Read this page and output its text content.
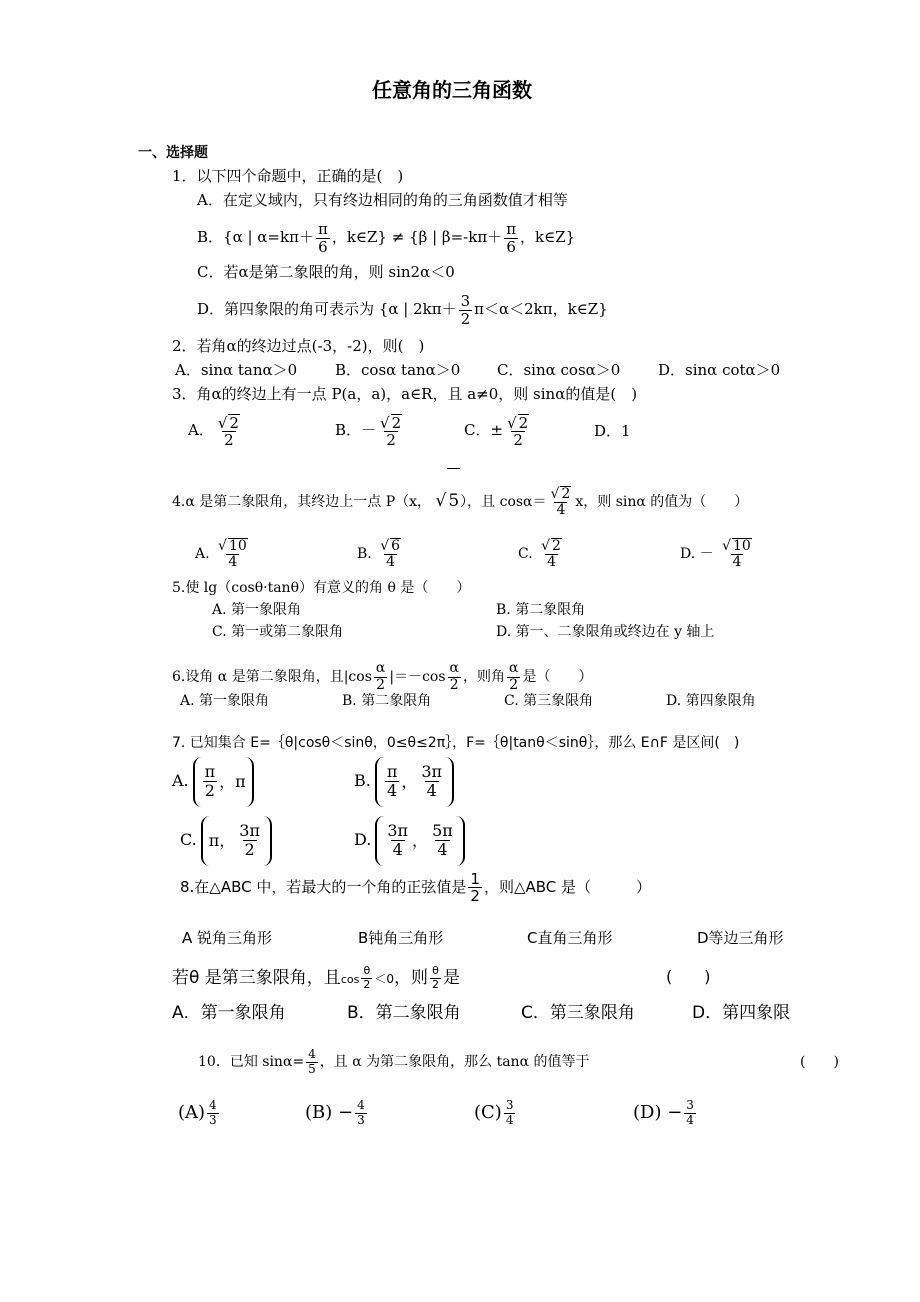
任意角的三角函数
一、选择题
1．以下四个命题中，正确的是(　)
A．在定义域内，只有终边相同的角的三角函数值才相等
B．{α | $\alpha=k\pi+ \frac{\pi}{6}$ ，k∈Z} ≠ {β | $\beta=-k\pi+ \frac{\pi}{6}$ ，k∈Z}
C．若α是第二象限的角，则 sin2α＜0
D．第四象限的角可表示为 {α | $2k\pi+ \frac{3}{2} \pi<\alpha<2k\pi$，k∈Z}
2．若角α的终边过点(-3，-2)，则(　)
A．sinα tanα＞0	B．cosα tanα＞0 C．sinα cosα＞0	D．sinα cotα＞0
3．角α的终边上有一点 P(a，a)，a∈R，且 a≠0，则 sinα的值是(　)
A． $\frac{√ 2}{2}$	B．－ $\frac{√ 2}{2}$	C．± $\frac{√ 2}{2}$	D．1
4.α 是第二象限角，其终边上一点 P（x， √ 5），且 $\cos\alpha= \frac{√ 2}{4}$ x，则 sinα 的值为（　　）
A. $\frac{√ 10}{4}$	B. $\frac{√ 6}{4}$	C. $\frac{√ 2}{4}$	D. － $\frac{√ 10}{4}$
5.使 lg（cosθ·tanθ）有意义的角 θ 是（　　）
A. 第一象限角	B. 第二象限角
C. 第一或第二象限角	D. 第一、二象限角或终边在 y 轴上
6.设角 α 是第二象限角，且$|\cos \frac{\alpha}{2} |=-\cos \frac{\alpha}{2}$ ，则角 $\frac{\alpha}{2}$ 是（　　）
A. 第一象限角	B. 第二象限角	C. 第三象限角	D. 第四象限角
7. 已知集合 E=｛θ|cosθ＜sinθ，0≤θ≤2π｝，F=｛θ|tanθ＜sinθ｝，那么 E∩F 是区间(　)
A. $\frac{\pi}{2}$ ， π	B. $\frac{\pi}{4}$ ， $\frac{3\pi}{4}$
C. π ， $\frac{3\pi}{2}$	D. $\frac{3\pi}{4}$ ， $\frac{5\pi}{4}$
8.在△ABC 中，若最大的一个角的正弦值是 $\frac{1}{2}$ ，则△ABC 是（　　　）
A 锐角三角形	B钝角三角形	C直角三角形	D等边三角形
若θ 是第三象限角，且$\cos \frac{\theta}{2} <0$，则 $\frac{\theta}{2}$ 是	(　　)
A．第一象限角	B．第二象限角	C．第三象限角	D．第四象限
10．已知 $\sin\alpha= \frac{4}{5}$ ，且 α 为第二象限角，那么 tanα 的值等于	(　　)
$(A) \frac{4}{3}$	$(B) - \frac{4}{3}$	$(C) \frac{3}{4}$	$(D) - \frac{3}{4}$
